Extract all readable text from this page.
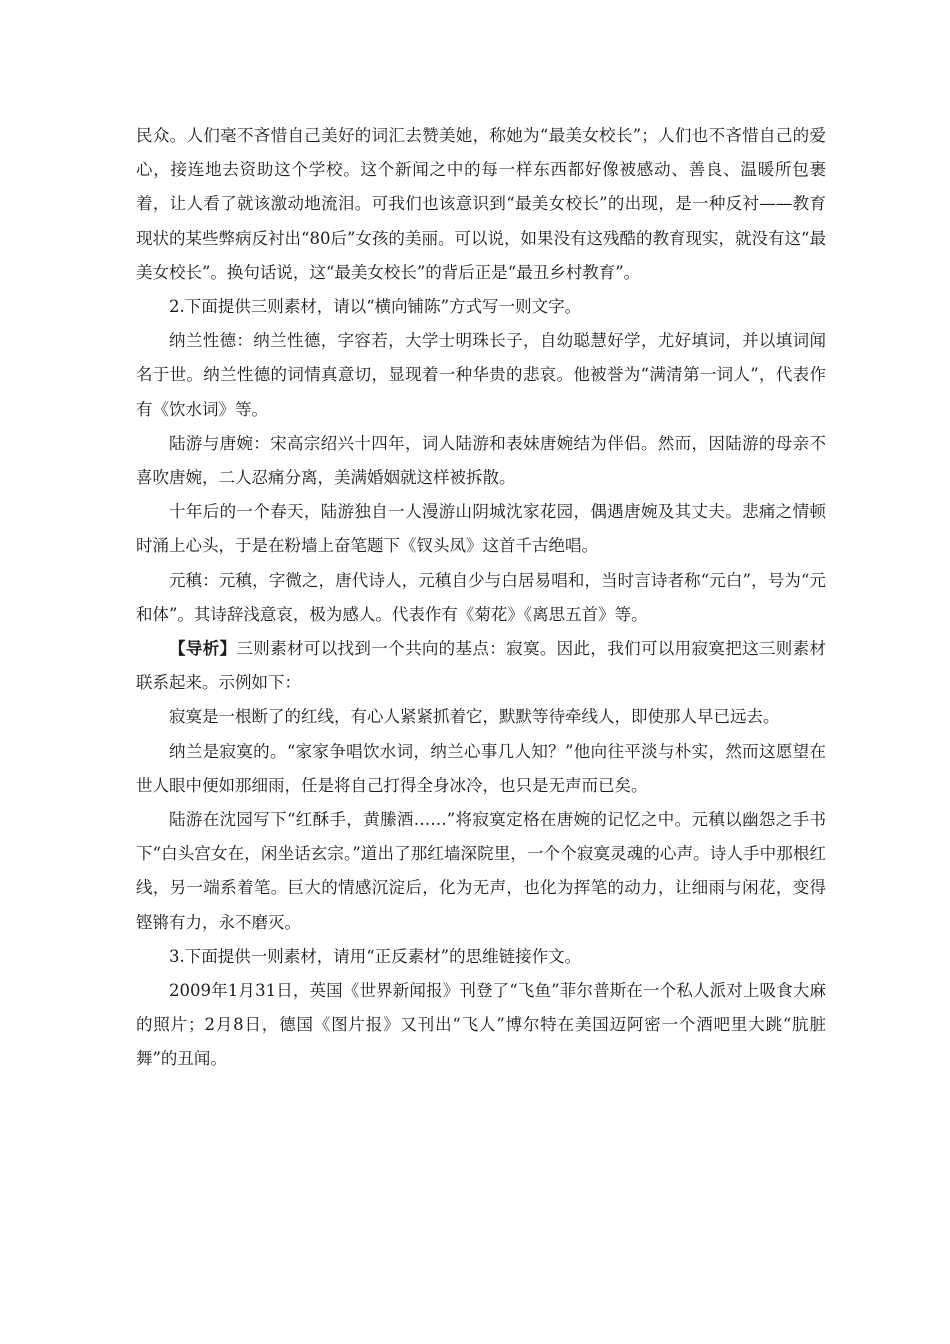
民众。人们毫不吝惜自己美好的词汇去赞美她，称她为“最美女校长”；人们也不吝惜自己的爱心，接连地去资助这个学校。这个新闻之中的每一样东西都好像被感动、善良、温暖所包裹着，让人看了就该激动地流泪。可我们也该意识到“最美女校长”的出现，是一种反衬——教育现状的某些弊病反衬出“80后”女孩的美丽。可以说，如果没有这残酷的教育现实，就没有这“最美女校长”。换句话说，这“最美女校长”的背后正是“最丑乡村教育”。

2.下面提供三则素材，请以“横向铺陈”方式写一则文字。

纳兰性德：纳兰性德，字容若，大学士明珠长子，自幼聪慧好学，尤好填词，并以填词闻名于世。纳兰性德的词情真意切，显现着一种华贵的悲哀。他被誉为“满清第一词人”，代表作有《饮水词》等。

陆游与唐婉：宋高宗绍兴十四年，词人陆游和表妹唐婉结为伴侣。然而，因陆游的母亲不喜吹唐婉，二人忍痛分离，美满婚姻就这样被拆散。

十年后的一个春天，陆游独自一人漫游山阴城沈家花园，偶遇唐婉及其丈夫。悲痛之情顿时涌上心头，于是在粉墙上奋笔题下《钗头凤》这首千古绝唱。

元稹：元稹，字微之，唐代诗人，元稹自少与白居易唱和，当时言诗者称“元白”，号为“元和体”。其诗辞浅意哀，极为感人。代表作有《菊花》《离思五首》等。

【导析】三则素材可以找到一个共向的基点：寂寞。因此，我们可以用寂寞把这三则素材联系起来。示例如下：

寂寞是一根断了的红线，有心人紧紧抓着它，默默等待牵线人，即使那人早已远去。

纳兰是寂寞的。“家家争唱饮水词，纳兰心事几人知？”他向往平淡与朴实，然而这愿望在世人眼中便如那细雨，任是将自己打得全身冰冷，也只是无声而已矣。

陆游在沈园写下“红酥手，黄縢酒……”将寂寞定格在唐婉的记忆之中。元稹以幽怨之手书下“白头宫女在，闲坐话玄宗。”道出了那红墙深院里，一个个寂寞灵魂的心声。诗人手中那根红线，另一端系着笔。巨大的情感沉淀后，化为无声，也化为挥笔的动力，让细雨与闲花，变得铿锵有力，永不磨灭。

3.下面提供一则素材，请用“正反素材”的思维链接作文。

2009年1月31日，英国《世界新闻报》刊登了“飞鱼”菲尔普斯在一个私人派对上吸食大麻的照片；2月8日，德国《图片报》又刊出“飞人”博尔特在美国迈阿密一个酒吧里大跳“肮脏舞”的丑闻。
